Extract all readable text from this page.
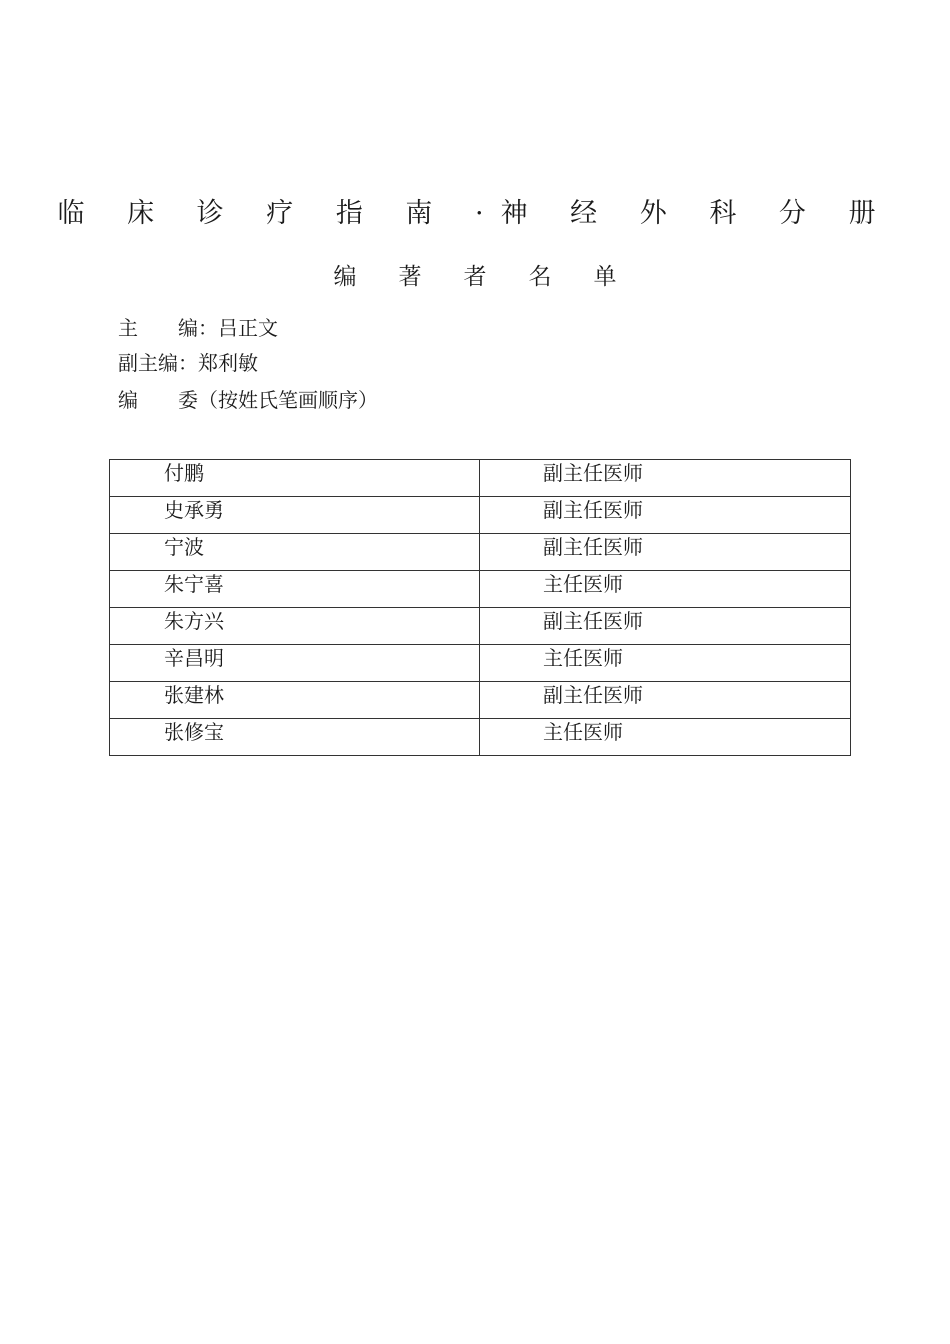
临 床 诊 疗 指 南 ·神 经 外 科 分 册
编著者名单
主　　编：吕正文
副主编：郑利敏
编　　委（按姓氏笔画顺序）
付鹏	副主任医师
史承勇	副主任医师
宁波	副主任医师
朱宁喜	主任医师
朱方兴	副主任医师
辛昌明	主任医师
张建林	副主任医师
张修宝	主任医师
